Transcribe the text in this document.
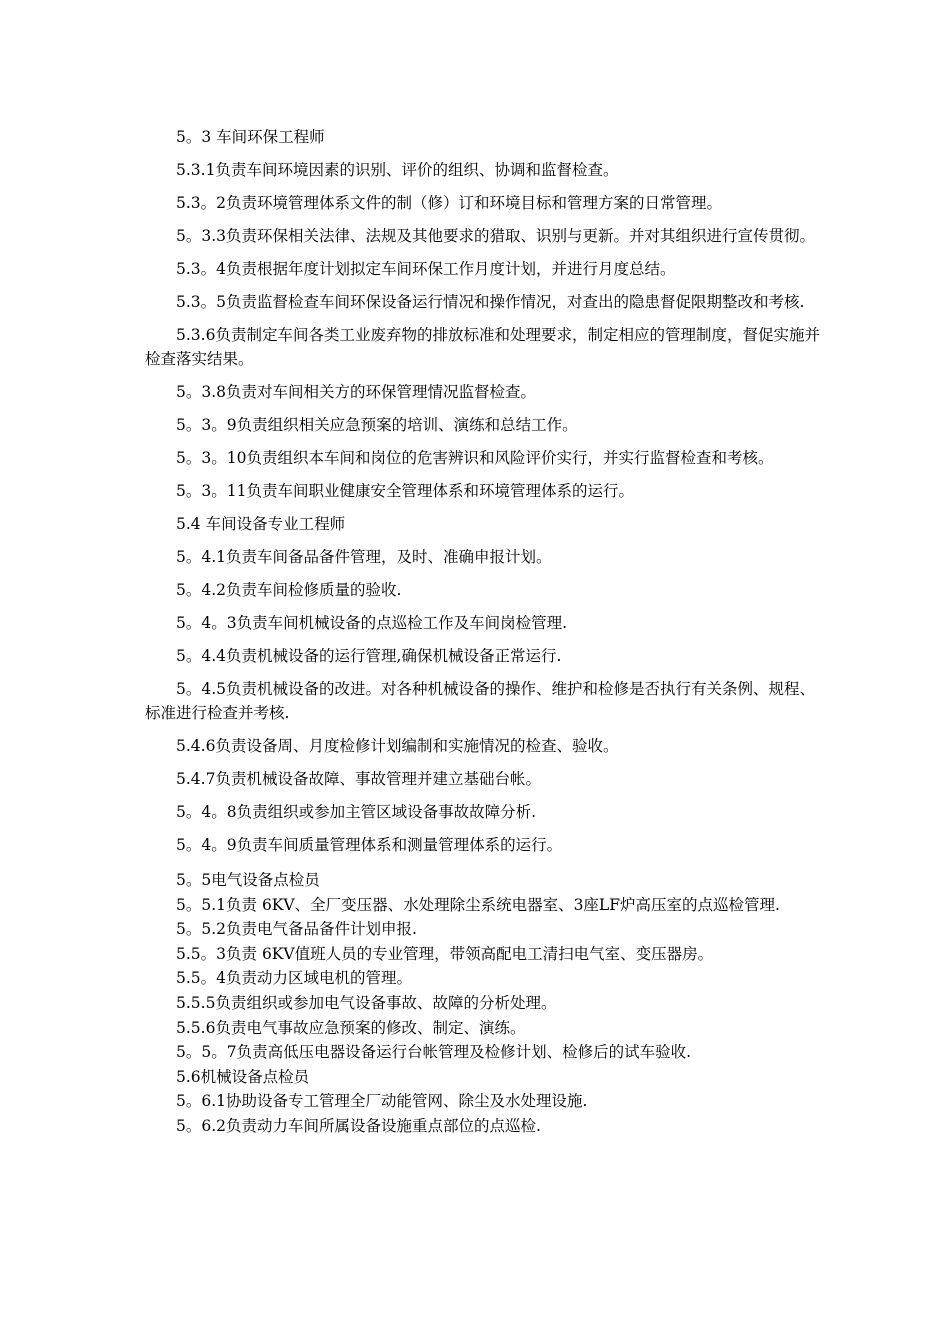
5。3 车间环保工程师

5.3.1负责车间环境因素的识别、评价的组织、协调和监督检查。

5.3。2负责环境管理体系文件的制（修）订和环境目标和管理方案的日常管理。

5。3.3负责环保相关法律、法规及其他要求的猎取、识别与更新。并对其组织进行宣传贯彻。

5.3。4负责根据年度计划拟定车间环保工作月度计划，并进行月度总结。

5.3。5负责监督检查车间环保设备运行情况和操作情况，对查出的隐患督促限期整改和考核.

5.3.6负责制定车间各类工业废弃物的排放标准和处理要求，制定相应的管理制度，督促实施并检查落实结果。

5。3.8负责对车间相关方的环保管理情况监督检查。

5。3。9负责组织相关应急预案的培训、演练和总结工作。

5。3。10负责组织本车间和岗位的危害辨识和风险评价实行，并实行监督检查和考核。

5。3。11负责车间职业健康安全管理体系和环境管理体系的运行。

5.4 车间设备专业工程师

5。4.1负责车间备品备件管理，及时、准确申报计划。

5。4.2负责车间检修质量的验收.

5。4。3负责车间机械设备的点巡检工作及车间岗检管理.

5。4.4负责机械设备的运行管理,确保机械设备正常运行.

5。4.5负责机械设备的改进。对各种机械设备的操作、维护和检修是否执行有关条例、规程、标准进行检查并考核.

5.4.6负责设备周、月度检修计划编制和实施情况的检查、验收。

5.4.7负责机械设备故障、事故管理并建立基础台帐。

5。4。8负责组织或参加主管区域设备事故故障分析.

5。4。9负责车间质量管理体系和测量管理体系的运行。

5。5电气设备点检员

5。5.1负责 6KV、全厂变压器、水处理除尘系统电器室、3座LF炉高压室的点巡检管理.

5。5.2负责电气备品备件计划申报.

5.5。3负责 6KV值班人员的专业管理，带领高配电工清扫电气室、变压器房。

5.5。4负责动力区域电机的管理。

5.5.5负责组织或参加电气设备事故、故障的分析处理。

5.5.6负责电气事故应急预案的修改、制定、演练。

5。5。7负责高低压电器设备运行台帐管理及检修计划、检修后的试车验收.

5.6机械设备点检员

5。6.1协助设备专工管理全厂动能管网、除尘及水处理设施.

5。6.2负责动力车间所属设备设施重点部位的点巡检.
